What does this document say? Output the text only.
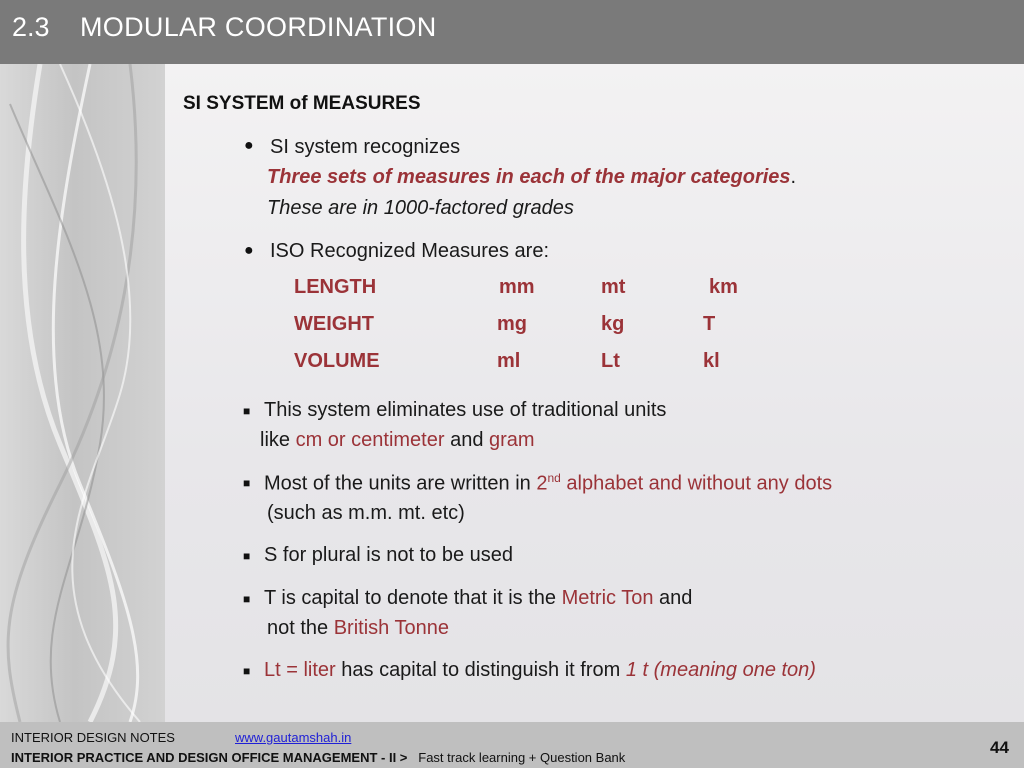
2.3 MODULAR COORDINATION
SI SYSTEM of MEASURES
● SI system recognizes
Three sets of measures in each of the major categories.
These are in 1000-factored grades
● ISO Recognized Measures are:
LENGTH	mm	mt	km
WEIGHT	mg	kg	T
VOLUME	ml	Lt	kl
■ This system eliminates use of traditional units
like cm or centimeter and gram
■ Most of the units are written in 2nd alphabet and without any dots
(such as m.m. mt. etc)
■ S for plural is not to be used
■ T is capital to denote that it is the Metric Ton and
not the British Tonne
■ Lt = liter has capital to distinguish it from 1 t (meaning one ton)
INTERIOR DESIGN NOTES	www.gautamshah.in
INTERIOR PRACTICE AND DESIGN OFFICE MANAGEMENT - II > Fast track learning + Question Bank
44
